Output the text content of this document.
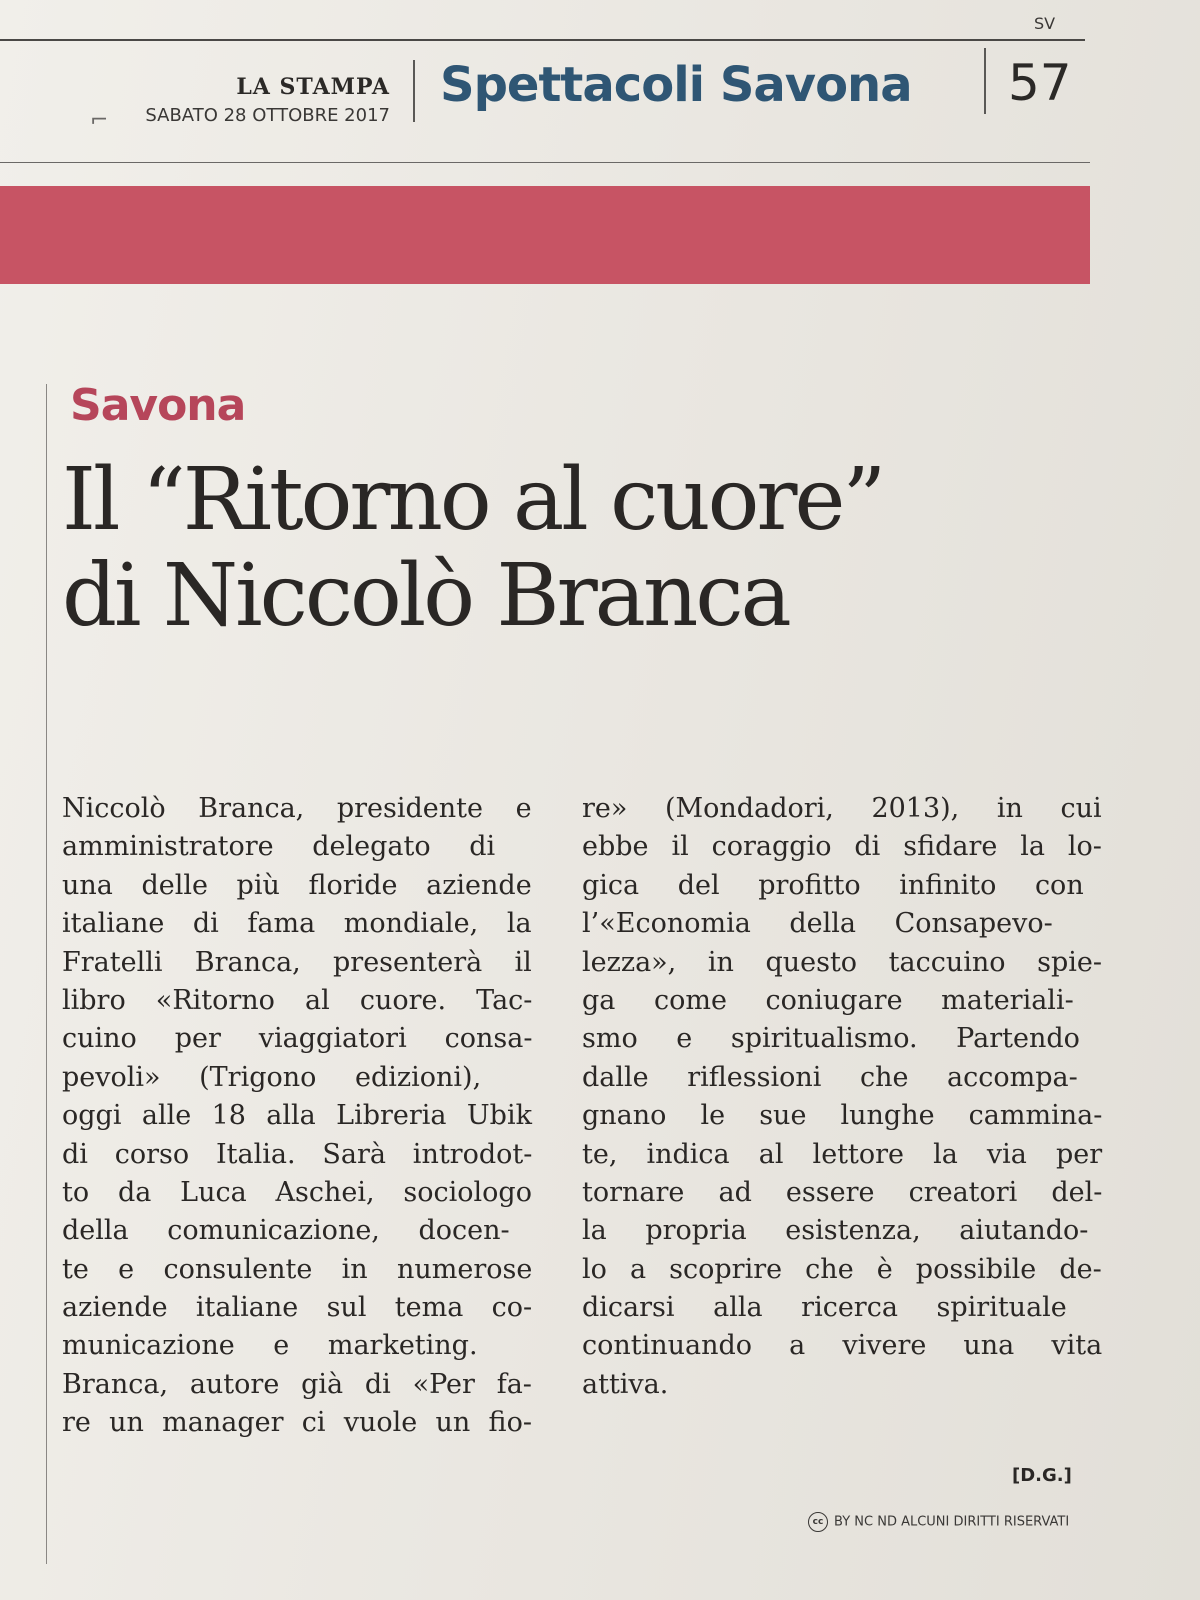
SV
⌐
LA STAMPA
SABATO 28 OTTOBRE 2017
Spettacoli Savona	57
Savona
Il “Ritorno al cuore”
di Niccolò Branca
Niccolò Branca, presidente e
amministratore delegato di
una delle più floride aziende
italiane di fama mondiale, la
Fratelli Branca, presenterà il
libro «Ritorno al cuore. Tac-
cuino per viaggiatori consa-
pevoli» (Trigono edizioni),
oggi alle 18 alla Libreria Ubik
di corso Italia. Sarà introdot-
to da Luca Aschei, sociologo
della comunicazione, docen-
te e consulente in numerose
aziende italiane sul tema co-
municazione e marketing.
Branca, autore già di «Per fa-
re un manager ci vuole un fio-
re» (Mondadori, 2013), in cui
ebbe il coraggio di sfidare la lo-
gica del profitto infinito con
l’«Economia della Consapevo-
lezza», in questo taccuino spie-
ga come coniugare materiali-
smo e spiritualismo. Partendo
dalle riflessioni che accompa-
gnano le sue lunghe cammina-
te, indica al lettore la via per
tornare ad essere creatori del-
la propria esistenza, aiutando-
lo a scoprire che è possibile de-
dicarsi alla ricerca spirituale
continuando a vivere una vita
attiva.
[D.G.]
cc BY NC ND ALCUNI DIRITTI RISERVATI
